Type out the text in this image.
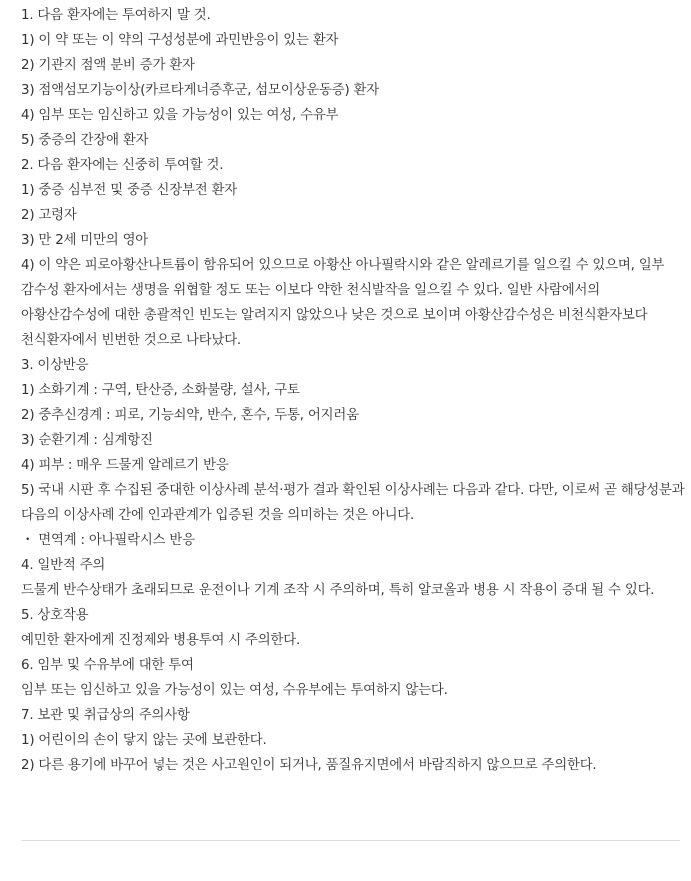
1. 다음 환자에는 투여하지 말 것.

1) 이 약 또는 이 약의 구성성분에 과민반응이 있는 환자

2) 기관지 점액 분비 증가 환자

3) 점액섬모기능이상(카르타게너증후군, 섬모이상운동증) 환자

4) 임부 또는 임신하고 있을 가능성이 있는 여성, 수유부

5) 중증의 간장애 환자

2. 다음 환자에는 신중히 투여할 것.

1) 중증 심부전 및 중증 신장부전 환자

2) 고령자

3) 만 2세 미만의 영아

4) 이 약은 피로아황산나트륨이 함유되어 있으므로 아황산 아나필락시와 같은 알레르기를 일으킬 수 있으며, 일부 감수성 환자에서는 생명을 위협할 정도 또는 이보다 약한 천식발작을 일으킬 수 있다. 일반 사람에서의 아황산감수성에 대한 총괄적인 빈도는 알려지지 않았으나 낮은 것으로 보이며 아황산감수성은 비천식환자보다 천식환자에서 빈번한 것으로 나타났다.

3. 이상반응

1) 소화기계 : 구역, 탄산증, 소화불량, 설사, 구토

2) 중추신경계 : 피로, 기능쇠약, 반수, 혼수, 두통, 어지러움

3) 순환기계 : 심계항진

4) 피부 : 매우 드물게 알레르기 반응

5) 국내 시판 후 수집된 중대한 이상사례 분석·평가 결과 확인된 이상사례는 다음과 같다. 다만, 이로써 곧 해당성분과 다음의 이상사례 간에 인과관계가 입증된 것을 의미하는 것은 아니다.

・ 면역계 : 아나필락시스 반응

4. 일반적 주의

드물게 반수상태가 초래되므로 운전이나 기계 조작 시 주의하며, 특히 알코올과 병용 시 작용이 증대 될 수 있다.

5. 상호작용

예민한 환자에게 진정제와 병용투여 시 주의한다.

6. 임부 및 수유부에 대한 투여

임부 또는 임신하고 있을 가능성이 있는 여성, 수유부에는 투여하지 않는다.

7. 보관 및 취급상의 주의사항

1) 어린이의 손이 닿지 않는 곳에 보관한다.

2) 다른 용기에 바꾸어 넣는 것은 사고원인이 되거나, 품질유지면에서 바람직하지 않으므로 주의한다.
